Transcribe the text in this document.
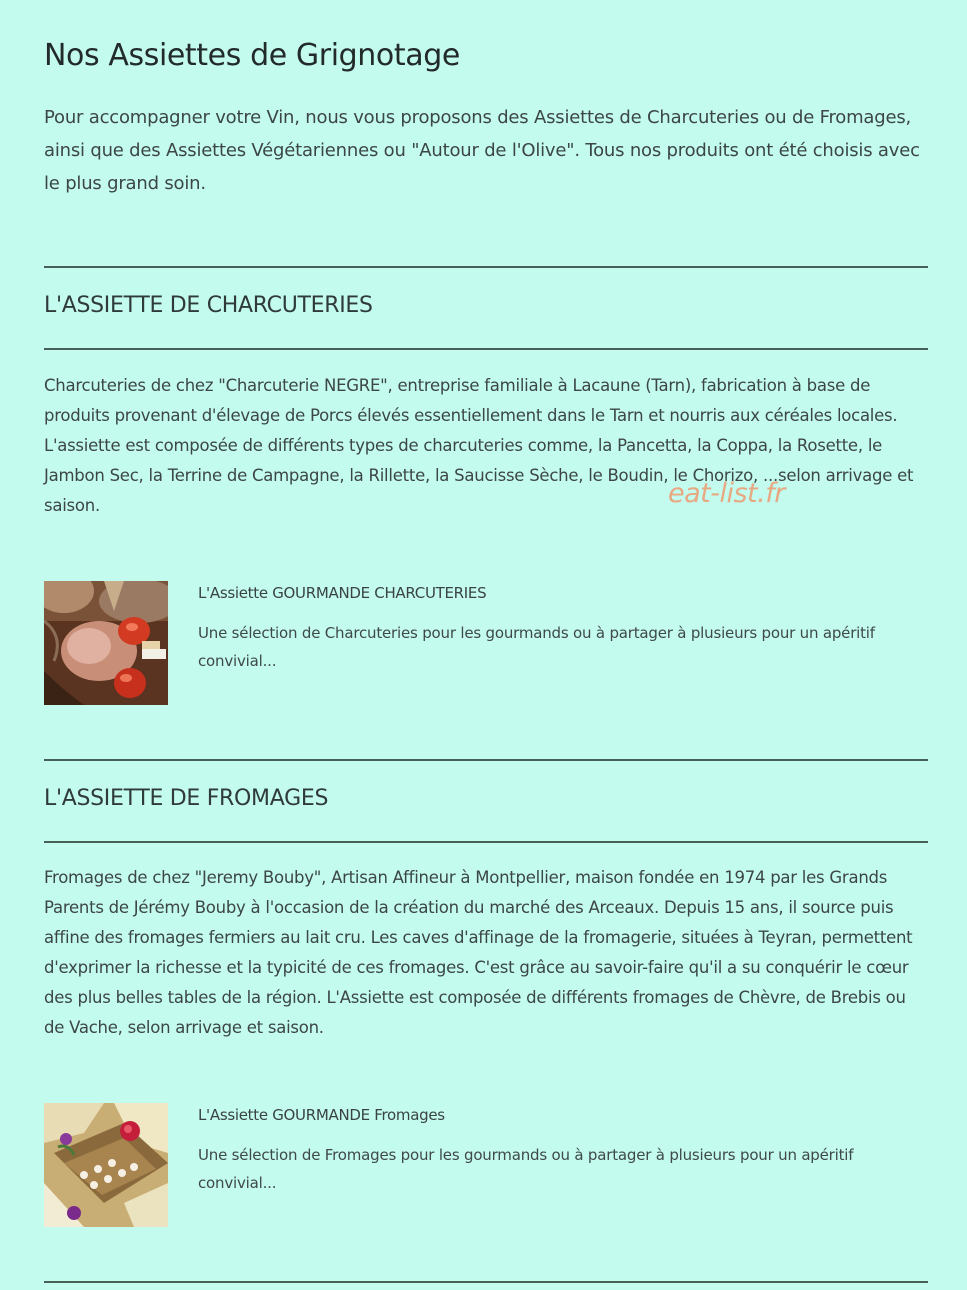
Nos Assiettes de Grignotage

Pour accompagner votre Vin, nous vous proposons des Assiettes de Charcuteries ou de Fromages, ainsi que des Assiettes Végétariennes ou "Autour de l'Olive". Tous nos produits ont été choisis avec le plus grand soin.

L'ASSIETTE DE CHARCUTERIES

Charcuteries de chez "Charcuterie NEGRE", entreprise familiale à Lacaune (Tarn), fabrication à base de produits provenant d'élevage de Porcs élevés essentiellement dans le Tarn et nourris aux céréales locales. L'assiette est composée de différents types de charcuteries comme, la Pancetta, la Coppa, la Rosette, le Jambon Sec, la Terrine de Campagne, la Rillette, la Saucisse Sèche, le Boudin, le Chorizo, ...selon arrivage et saison.

L'Assiette GOURMANDE CHARCUTERIES

Une sélection de Charcuteries pour les gourmands ou à partager à plusieurs pour un apéritif convivial...

L'ASSIETTE DE FROMAGES

Fromages de chez "Jeremy Bouby", Artisan Affineur à Montpellier, maison fondée en 1974 par les Grands Parents de Jérémy Bouby à l'occasion de la création du marché des Arceaux. Depuis 15 ans, il source puis affine des fromages fermiers au lait cru. Les caves d'affinage de la fromagerie, situées à Teyran, permettent d'exprimer la richesse et la typicité de ces fromages. C'est grâce au savoir-faire qu'il a su conquérir le cœur des plus belles tables de la région. L'Assiette est composée de différents fromages de Chèvre, de Brebis ou de Vache, selon arrivage et saison.

L'Assiette GOURMANDE Fromages

Une sélection de Fromages pour les gourmands ou à partager à plusieurs pour un apéritif convivial...

eat-list.fr
